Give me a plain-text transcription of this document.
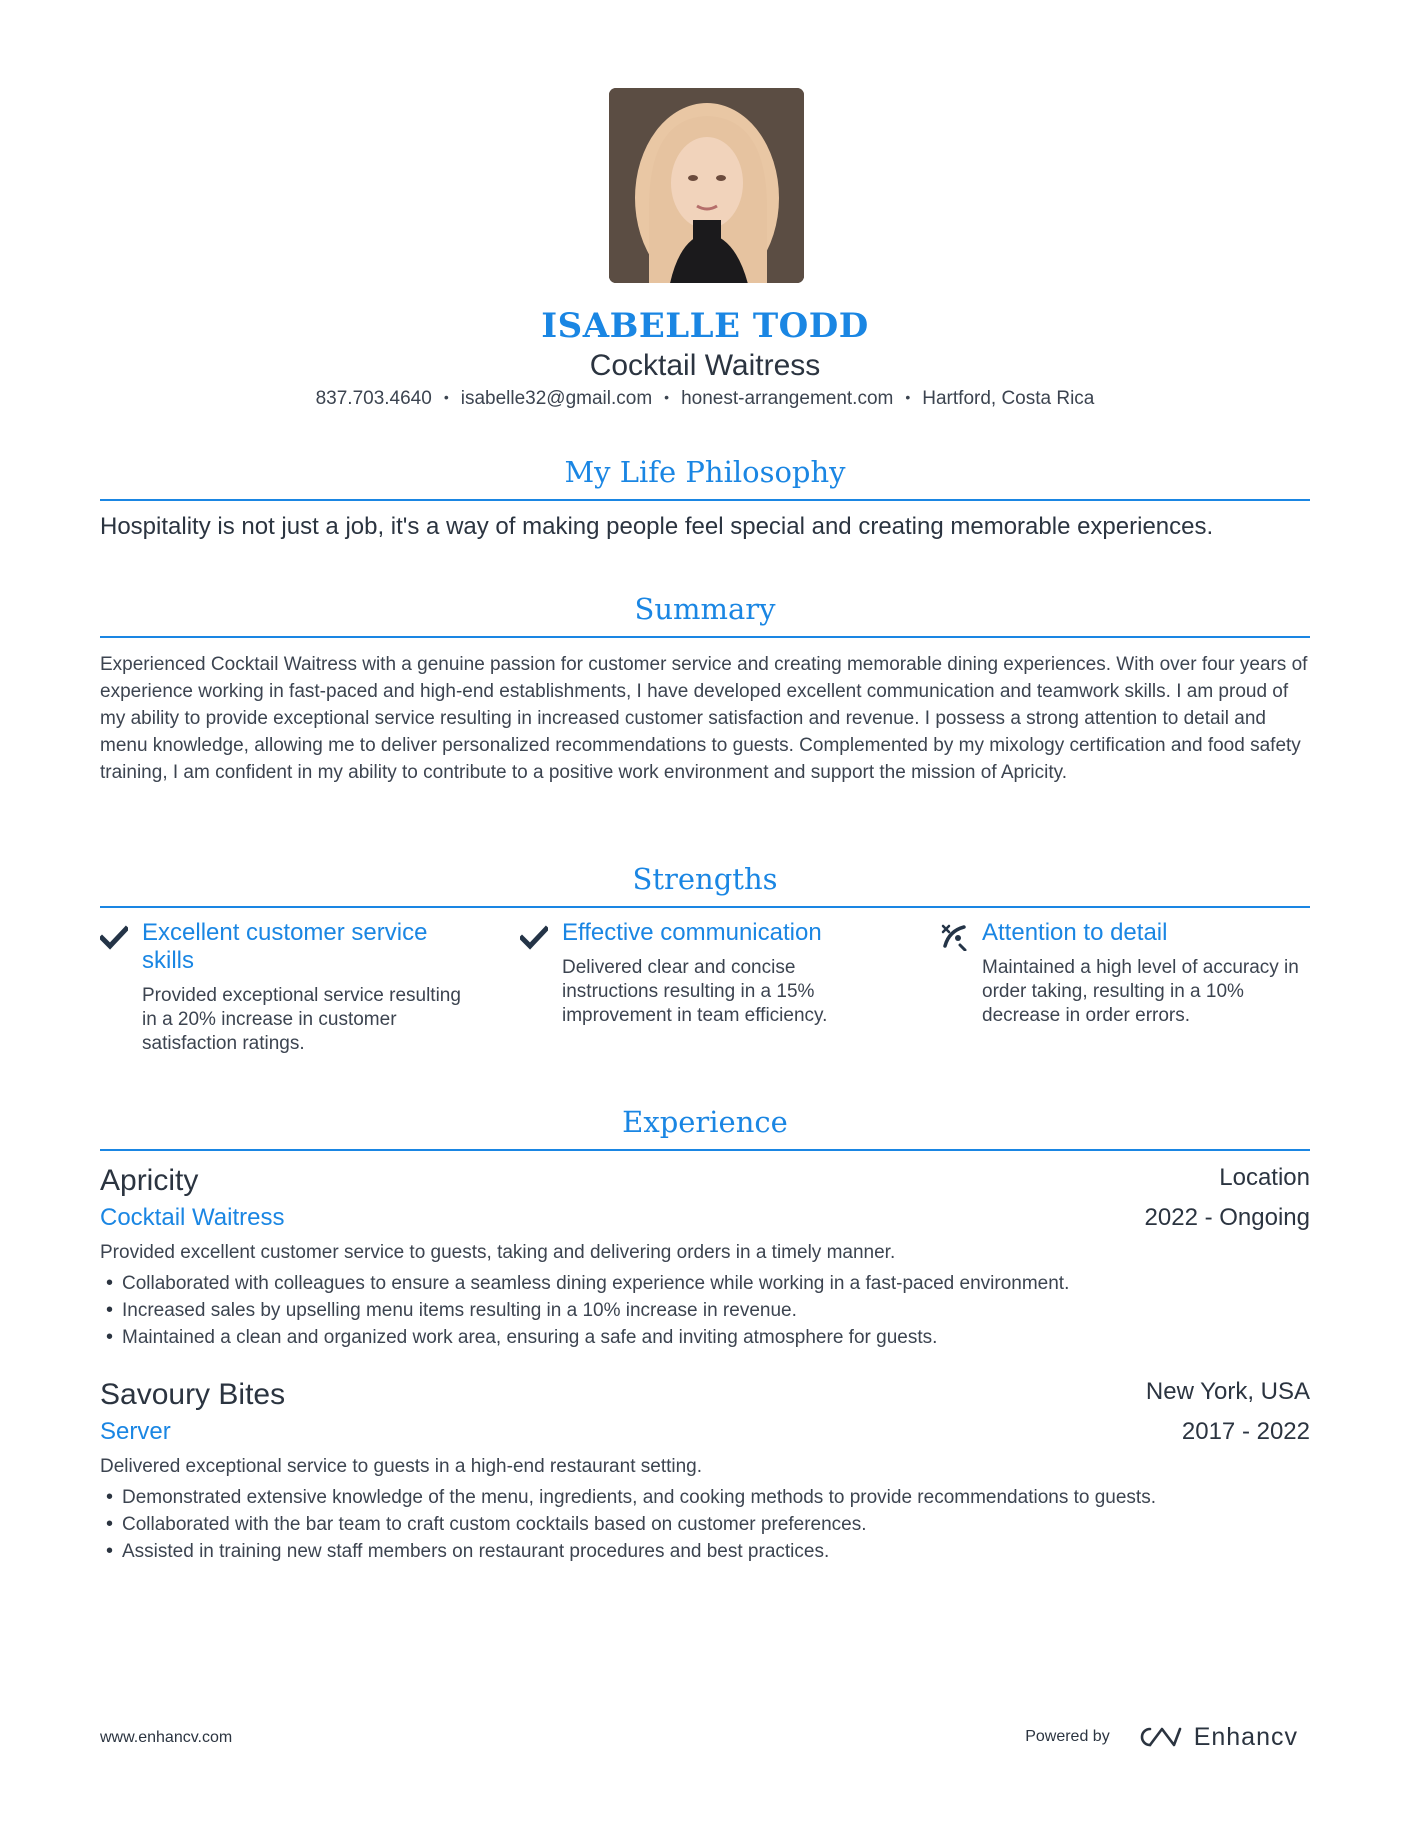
ISABELLE TODD
Cocktail Waitress
837.703.4640 • isabelle32@gmail.com • honest-arrangement.com • Hartford, Costa Rica
My Life Philosophy
Hospitality is not just a job, it's a way of making people feel special and creating memorable experiences.
Summary
Experienced Cocktail Waitress with a genuine passion for customer service and creating memorable dining experiences. With over four years of experience working in fast-paced and high-end establishments, I have developed excellent communication and teamwork skills. I am proud of my ability to provide exceptional service resulting in increased customer satisfaction and revenue. I possess a strong attention to detail and menu knowledge, allowing me to deliver personalized recommendations to guests. Complemented by my mixology certification and food safety training, I am confident in my ability to contribute to a positive work environment and support the mission of Apricity.
Strengths
Excellent customer service skills
Provided exceptional service resulting in a 20% increase in customer satisfaction ratings.
Effective communication
Delivered clear and concise instructions resulting in a 15% improvement in team efficiency.
Attention to detail
Maintained a high level of accuracy in order taking, resulting in a 10% decrease in order errors.
Experience
Apricity	Location
Cocktail Waitress	2022 - Ongoing
Provided excellent customer service to guests, taking and delivering orders in a timely manner.
• Collaborated with colleagues to ensure a seamless dining experience while working in a fast-paced environment.
• Increased sales by upselling menu items resulting in a 10% increase in revenue.
• Maintained a clean and organized work area, ensuring a safe and inviting atmosphere for guests.
Savoury Bites	New York, USA
Server	2017 - 2022
Delivered exceptional service to guests in a high-end restaurant setting.
• Demonstrated extensive knowledge of the menu, ingredients, and cooking methods to provide recommendations to guests.
• Collaborated with the bar team to craft custom cocktails based on customer preferences.
• Assisted in training new staff members on restaurant procedures and best practices.
www.enhancv.com	Powered by	Enhancv
